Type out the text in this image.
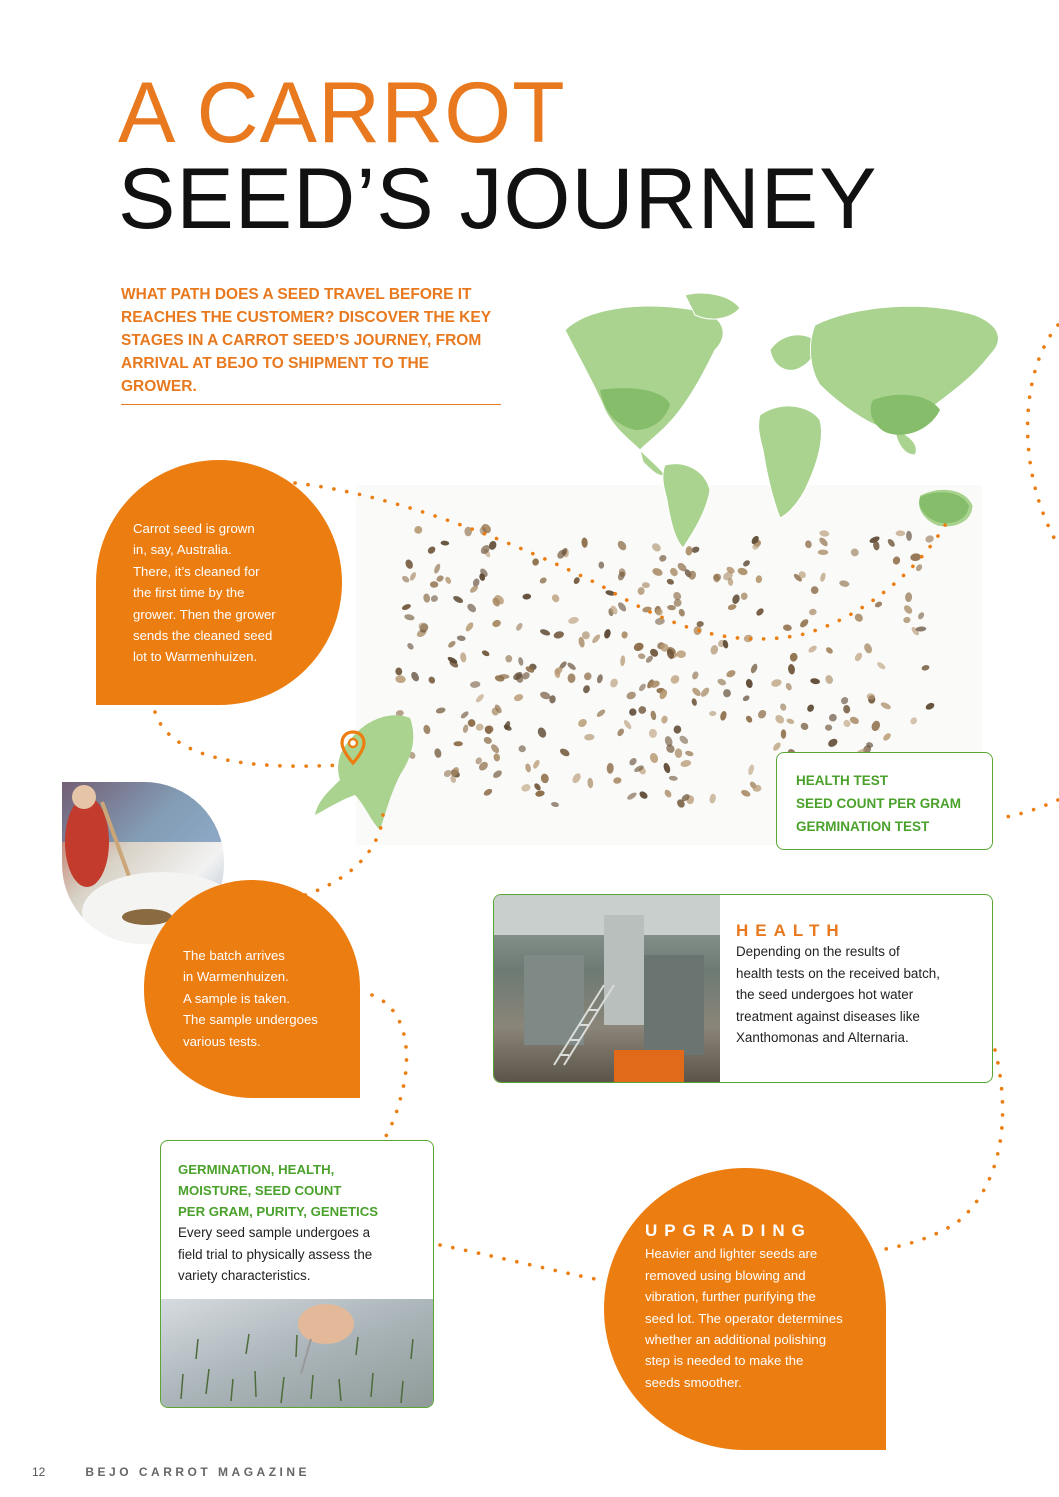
A CARROT
SEED’S JOURNEY
WHAT PATH DOES A SEED TRAVEL BEFORE IT REACHES THE CUSTOMER? DISCOVER THE KEY STAGES IN A CARROT SEED’S JOURNEY, FROM ARRIVAL AT BEJO TO SHIPMENT TO THE GROWER.
Carrot seed is grown
in, say, Australia.
There, it’s cleaned for
the first time by the
grower. Then the grower
sends the cleaned seed
lot to Warmenhuizen.
The batch arrives
in Warmenhuizen.
A sample is taken.
The sample undergoes
various tests.
HEALTH TEST
SEED COUNT PER GRAM
GERMINATION TEST
HEALTH
Depending on the results of
health tests on the received batch,
the seed undergoes hot water
treatment against diseases like
Xanthomonas and Alternaria.
GERMINATION, HEALTH,
MOISTURE, SEED COUNT
PER GRAM, PURITY, GENETICS
Every seed sample undergoes a
field trial to physically assess the
variety characteristics.
UPGRADING
Heavier and lighter seeds are
removed using blowing and
vibration, further purifying the
seed lot. The operator determines
whether an additional polishing
step is needed to make the
seeds smoother.
12	BEJO CARROT MAGAZINE
